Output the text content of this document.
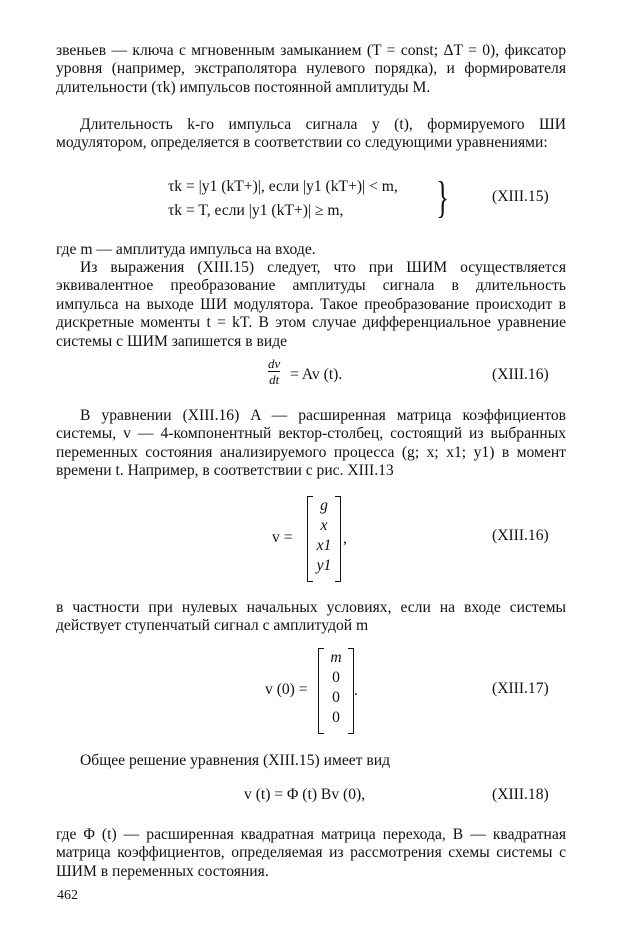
звеньев — ключа с мгновенным замыканием (T = const; ΔT = 0), фиксатор уровня (например, экстраполятора нулевого порядка), и формирователя длительности (τk) импульсов постоянной амплитуды M.

Длительность k-го импульса сигнала y (t), формируемого ШИ модулятором, определяется в соответствии со следующими уравнениями:

τk = |y1 (kT+)|, если |y1 (kT+)| < m,
τk = T, если |y1 (kT+)| ≥ m, }	(XIII.15)

где m — амплитуда импульса на входе.

Из выражения (XIII.15) следует, что при ШИМ осуществляется эквивалентное преобразование амплитуды сигнала в длительность импульса на выходе ШИ модулятора. Такое преобразование происходит в дискретные моменты t = kT. В этом случае дифференциальное уравнение системы с ШИМ запишется в виде

dv
dt = Av (t).	(XIII.16)

В уравнении (XIII.16) A — расширенная матрица коэффициентов системы, v — 4-компонентный вектор-столбец, состоящий из выбранных переменных состояния анализируемого процесса (g; x; x1; y1) в момент времени t. Например, в соответствии с рис. XIII.13

v =
g
x
x1
y1
,	(XIII.16)

в частности при нулевых начальных условиях, если на входе системы действует ступенчатый сигнал с амплитудой m

v (0) =
m
0
0
0
.	(XIII.17)

Общее решение уравнения (XIII.15) имеет вид

v (t) = Φ (t) Bv (0),	(XIII.18)

где Φ (t) — расширенная квадратная матрица перехода, B — квадратная матрица коэффициентов, определяемая из рассмотрения схемы системы с ШИМ в переменных состояния.

462
